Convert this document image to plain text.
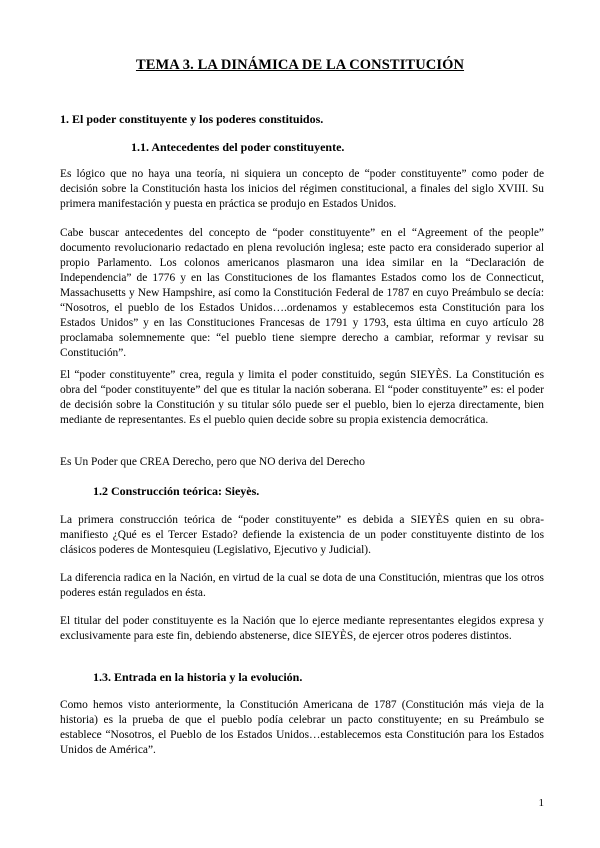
TEMA 3. LA DINÁMICA DE LA CONSTITUCIÓN
1. El poder constituyente y los poderes constituidos.
1.1. Antecedentes del poder constituyente.
Es lógico que no haya una teoría, ni siquiera un concepto de “poder constituyente” como poder de decisión sobre la Constitución hasta los inicios del régimen constitucional, a finales del siglo XVIII. Su primera manifestación y puesta en práctica se produjo en Estados Unidos.
Cabe buscar antecedentes del concepto de “poder constituyente” en el “Agreement of the people” documento revolucionario redactado en plena revolución inglesa; este pacto era considerado superior al propio Parlamento. Los colonos americanos plasmaron una idea similar en la “Declaración de Independencia” de 1776 y en las Constituciones de los flamantes Estados como los de Connecticut, Massachusetts y New Hampshire, así como la Constitución Federal de 1787 en cuyo Preámbulo se decía: “Nosotros, el pueblo de los Estados Unidos….ordenamos y establecemos esta Constitución para los Estados Unidos” y en las Constituciones Francesas de 1791 y 1793, esta última en cuyo artículo 28 proclamaba solemnemente que: “el pueblo tiene siempre derecho a cambiar, reformar y revisar su Constitución”.
El “poder constituyente” crea, regula y limita el poder constituido, según SIEYÈS. La Constitución es obra del “poder constituyente” del que es titular la nación soberana. El “poder constituyente” es: el poder de decisión sobre la Constitución y su titular sólo puede ser el pueblo, bien lo ejerza directamente, bien mediante de representantes. Es el pueblo quien decide sobre su propia existencia democrática.
Es Un Poder que CREA Derecho, pero que NO deriva del Derecho
1.2 Construcción teórica: Sieyès.
La primera construcción teórica de “poder constituyente” es debida a SIEYÈS quien en su obra-manifiesto ¿Qué es el Tercer Estado? defiende la existencia de un poder constituyente distinto de los clásicos poderes de Montesquieu (Legislativo, Ejecutivo y Judicial).
La diferencia radica en la Nación, en virtud de la cual se dota de una Constitución, mientras que los otros poderes están regulados en ésta.
El titular del poder constituyente es la Nación que lo ejerce mediante representantes elegidos expresa y exclusivamente para este fin, debiendo abstenerse, dice SIEYÈS, de ejercer otros poderes distintos.
1.3. Entrada en la historia y la evolución.
Como hemos visto anteriormente, la Constitución Americana de 1787 (Constitución más vieja de la historia) es la prueba de que el pueblo podía celebrar un pacto constituyente; en su Preámbulo se establece “Nosotros, el Pueblo de los Estados Unidos…establecemos esta Constitución para los Estados Unidos de América”.
1
